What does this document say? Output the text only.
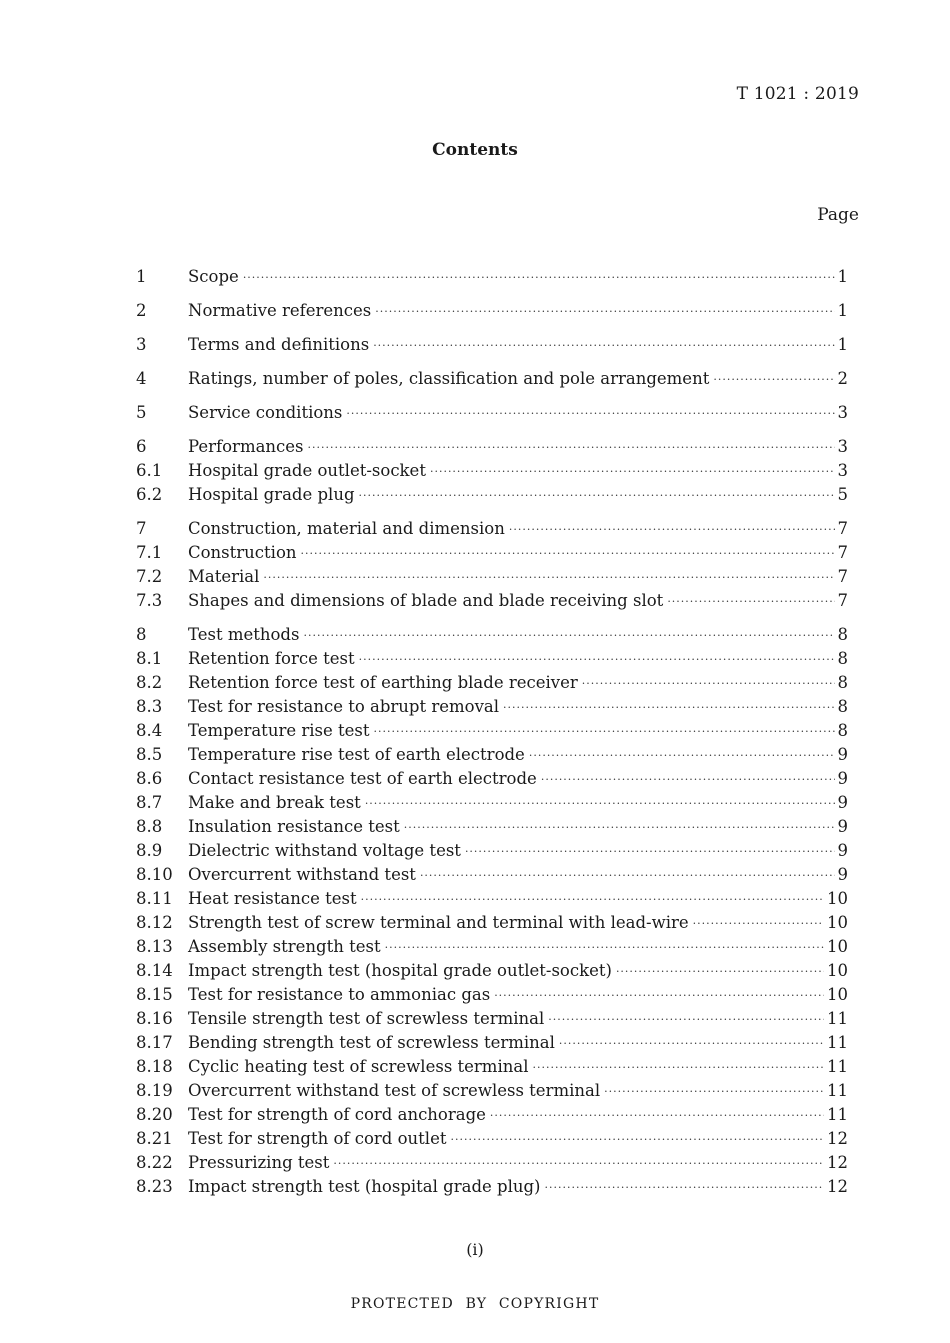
T 1021 : 2019
Contents
Page
1	Scope ·····	1
2	Normative references ·····	1
3	Terms and definitions ·····	1
4	Ratings, number of poles, classification and pole arrangement ·····	2
5	Service conditions ·····	3
6	Performances ·····	3
6.1	Hospital grade outlet-socket ·····	3
6.2	Hospital grade plug ·····	5
7	Construction, material and dimension ·····	7
7.1	Construction ·····	7
7.2	Material ·····	7
7.3	Shapes and dimensions of blade and blade receiving slot ·····	7
8	Test methods ·····	8
8.1	Retention force test ·····	8
8.2	Retention force test of earthing blade receiver ·····	8
8.3	Test for resistance to abrupt removal ·····	8
8.4	Temperature rise test ·····	8
8.5	Temperature rise test of earth electrode ·····	9
8.6	Contact resistance test of earth electrode ·····	9
8.7	Make and break test ·····	9
8.8	Insulation resistance test ·····	9
8.9	Dielectric withstand voltage test ·····	9
8.10 Overcurrent withstand test ·····	9
8.11 Heat resistance test ·····	10
8.12 Strength test of screw terminal and terminal with lead-wire ·····	10
8.13 Assembly strength test ·····	10
8.14 Impact strength test (hospital grade outlet-socket) ·····	10
8.15 Test for resistance to ammoniac gas ·····	10
8.16 Tensile strength test of screwless terminal ·····	11
8.17 Bending strength test of screwless terminal ·····	11
8.18 Cyclic heating test of screwless terminal ·····	11
8.19 Overcurrent withstand test of screwless terminal ·····	11
8.20 Test for strength of cord anchorage ·····	11
8.21 Test for strength of cord outlet ·····	12
8.22 Pressurizing test ·····	12
8.23 Impact strength test (hospital grade plug) ·····	12
(i)
PROTECTED BY COPYRIGHT
